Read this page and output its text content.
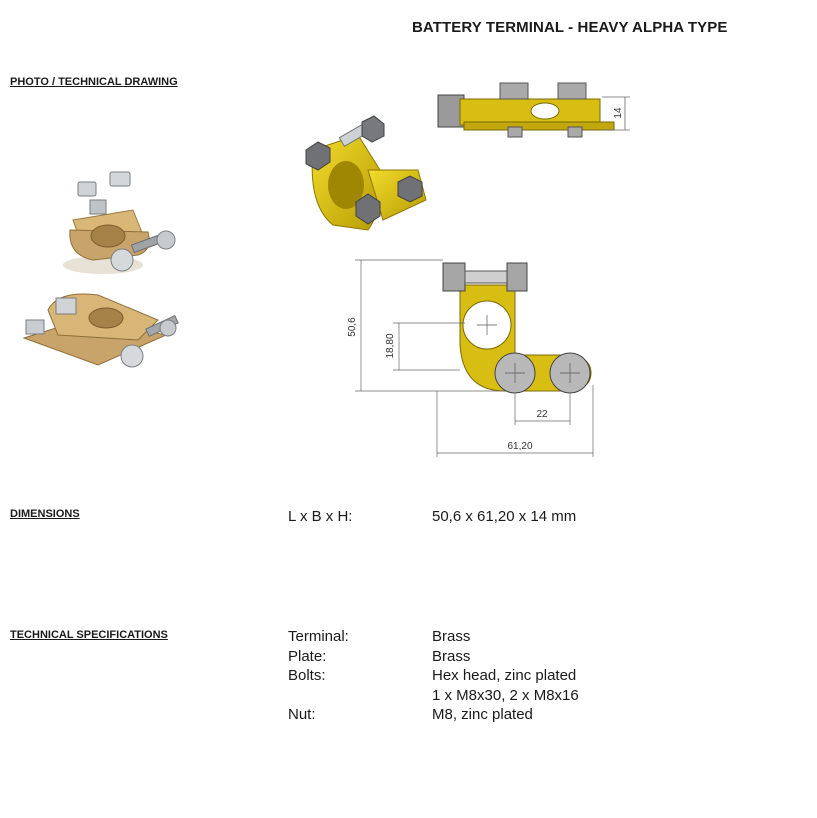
BATTERY TERMINAL - HEAVY ALPHA TYPE
PHOTO / TECHNICAL DRAWING
14
50,6
18,80
22
61,20
DIMENSIONS	L x B x H:	50,6 x 61,20 x 14 mm
TECHNICAL SPECIFICATIONS	Terminal:	Brass
Plate:	Brass
Bolts:	Hex head, zinc plated
1 x M8x30, 2 x M8x16
Nut:	M8, zinc plated
